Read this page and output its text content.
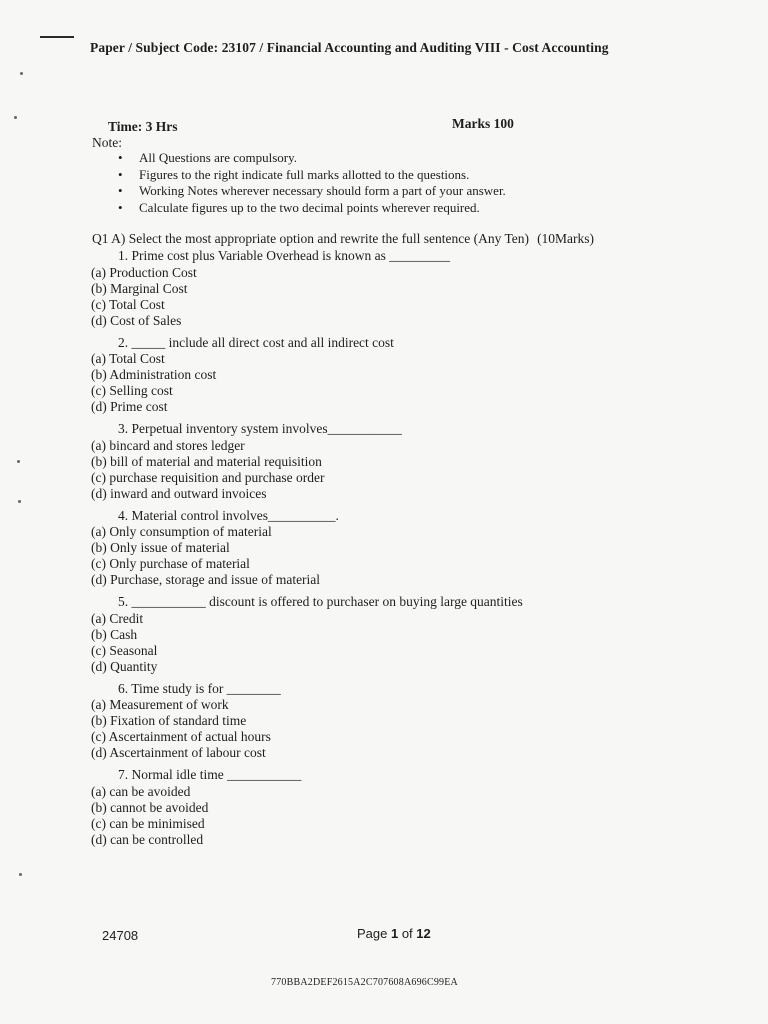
Paper / Subject Code: 23107 / Financial Accounting and Auditing VIII - Cost Accounting
Time: 3 Hrs	Marks 100
Note:
• All Questions are compulsory.
• Figures to the right indicate full marks allotted to the questions.
• Working Notes wherever necessary should form a part of your answer.
• Calculate figures up to the two decimal points wherever required.
Q1 A) Select the most appropriate option and rewrite the full sentence (Any Ten) (10Marks)
1. Prime cost plus Variable Overhead is known as _________
(a) Production Cost
(b) Marginal Cost
(c) Total Cost
(d) Cost of Sales
2. _____ include all direct cost and all indirect cost
(a) Total Cost
(b) Administration cost
(c) Selling cost
(d) Prime cost
3. Perpetual inventory system involves___________
(a) bincard and stores ledger
(b) bill of material and material requisition
(c) purchase requisition and purchase order
(d) inward and outward invoices
4. Material control involves__________.
(a) Only consumption of material
(b) Only issue of material
(c) Only purchase of material
(d) Purchase, storage and issue of material
5. ___________ discount is offered to purchaser on buying large quantities
(a) Credit
(b) Cash
(c) Seasonal
(d) Quantity
6. Time study is for ________
(a) Measurement of work
(b) Fixation of standard time
(c) Ascertainment of actual hours
(d) Ascertainment of labour cost
7. Normal idle time ___________
(a) can be avoided
(b) cannot be avoided
(c) can be minimised
(d) can be controlled
24708	Page 1 of 12
770BBA2DEF2615A2C707608A696C99EA
